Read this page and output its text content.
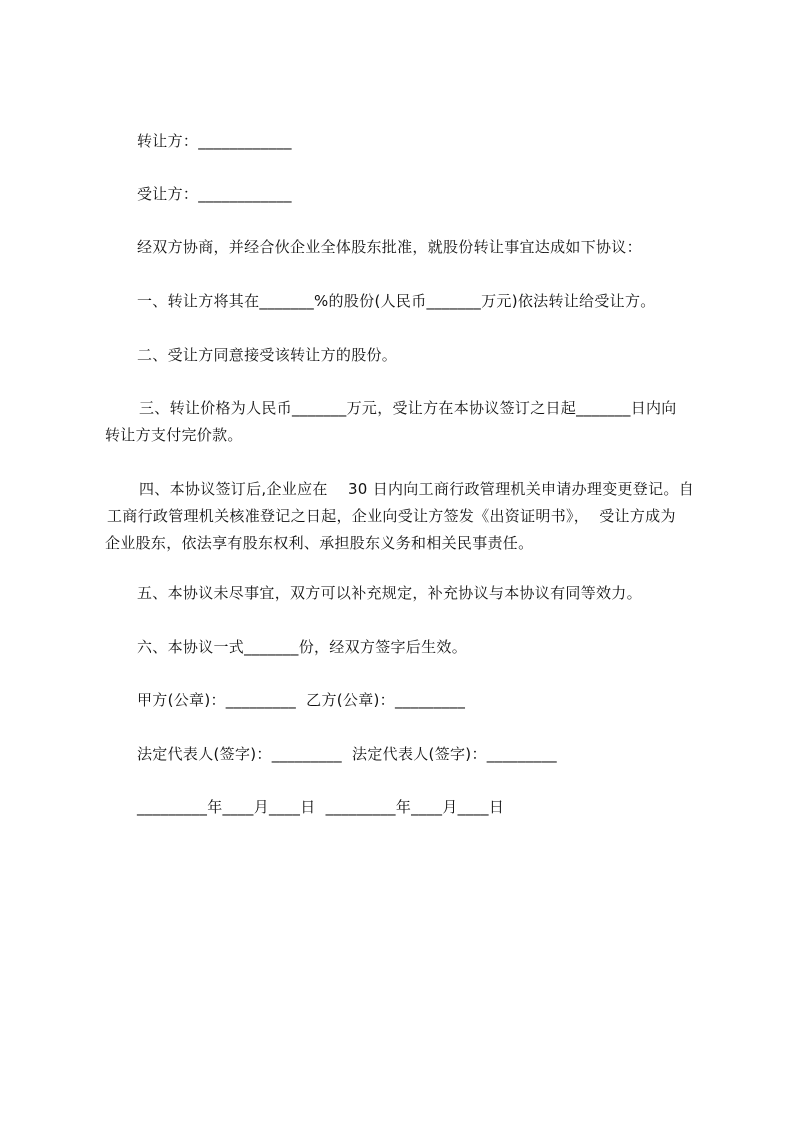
转让方：____________
受让方：____________
经双方协商，并经合伙企业全体股东批准，就股份转让事宜达成如下协议：
一、转让方将其在_______%的股份(人民币_______万元)依法转让给受让方。
二、受让方同意接受该转让方的股份。
三、转让价格为人民币_______万元，受让方在本协议签订之日起_______日内向
转让方支付完价款。
四、本协议签订后,企业应在    30 日内向工商行政管理机关申请办理变更登记。自
工商行政管理机关核准登记之日起，企业向受让方签发《出资证明书》，  受让方成为
企业股东，依法享有股东权利、承担股东义务和相关民事责任。
五、本协议未尽事宜，双方可以补充规定，补充协议与本协议有同等效力。
六、本协议一式_______份，经双方签字后生效。
甲方(公章)：_________  乙方(公章)：_________
法定代表人(签字)：_________  法定代表人(签字)：_________
_________年____月____日  _________年____月____日
